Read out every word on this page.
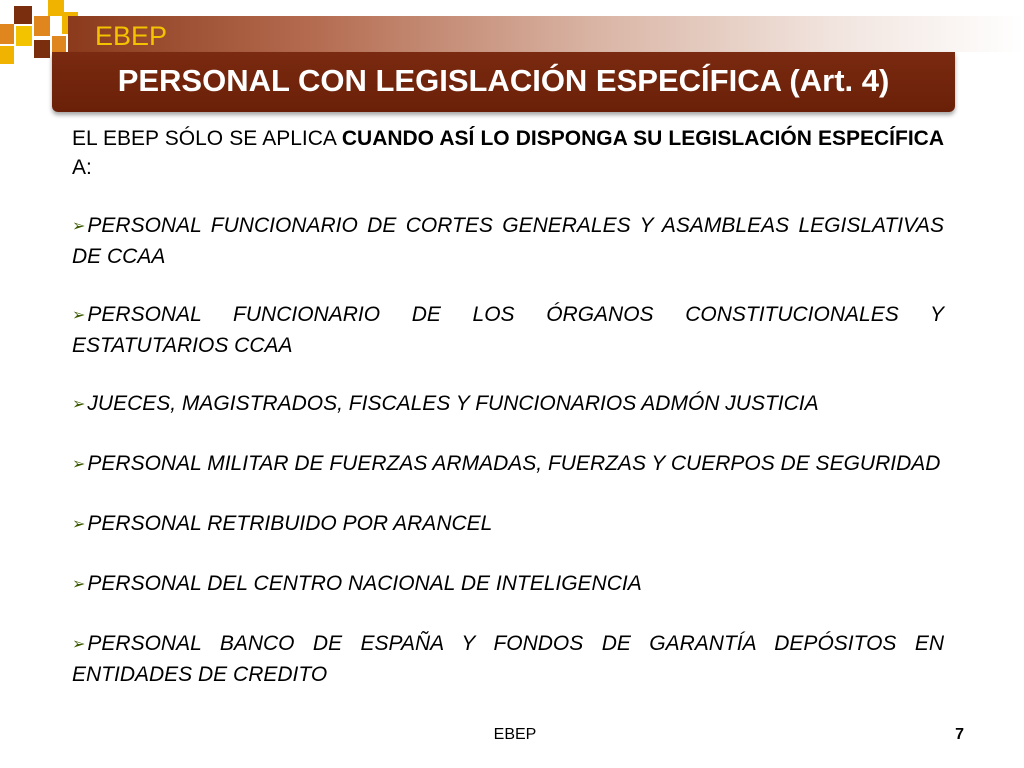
EBEP
PERSONAL CON LEGISLACIÓN ESPECÍFICA (Art. 4)

EL EBEP SÓLO SE APLICA CUANDO ASÍ LO DISPONGA SU LEGISLACIÓN ESPECÍFICA A:

➢PERSONAL FUNCIONARIO DE CORTES GENERALES Y ASAMBLEAS LEGISLATIVAS DE CCAA

➢PERSONAL FUNCIONARIO DE LOS ÓRGANOS CONSTITUCIONALES Y ESTATUTARIOS CCAA

➢JUECES, MAGISTRADOS, FISCALES Y FUNCIONARIOS ADMÓN JUSTICIA

➢PERSONAL MILITAR DE FUERZAS ARMADAS, FUERZAS Y CUERPOS DE SEGURIDAD

➢PERSONAL RETRIBUIDO POR ARANCEL

➢PERSONAL DEL CENTRO NACIONAL DE INTELIGENCIA

➢PERSONAL BANCO DE ESPAÑA Y FONDOS DE GARANTÍA DEPÓSITOS EN ENTIDADES DE CREDITO

EBEP	7
